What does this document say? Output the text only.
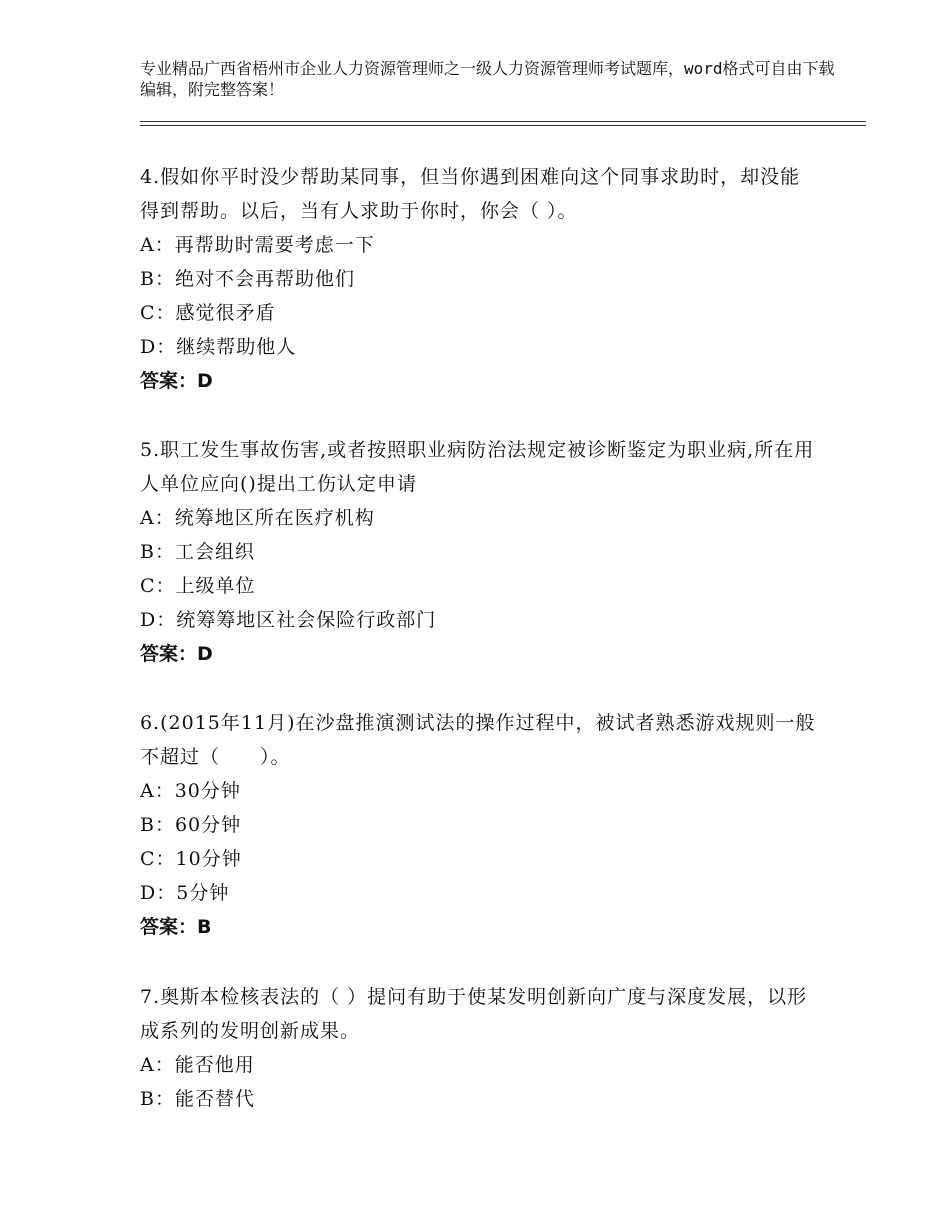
专业精品广西省梧州市企业人力资源管理师之一级人力资源管理师考试题库，word格式可自由下载编辑，附完整答案！

4.假如你平时没少帮助某同事，但当你遇到困难向这个同事求助时，却没能得到帮助。以后，当有人求助于你时，你会（ ）。

A：再帮助时需要考虑一下

B：绝对不会再帮助他们

C：感觉很矛盾

D：继续帮助他人

答案：D

5.职工发生事故伤害,或者按照职业病防治法规定被诊断鉴定为职业病,所在用人单位应向()提出工伤认定申请

A：统筹地区所在医疗机构

B：工会组织

C：上级单位

D：统筹筹地区社会保险行政部门

答案：D

6.(2015年11月)在沙盘推演测试法的操作过程中，被试者熟悉游戏规则一般不超过（　　）。

A：30分钟

B：60分钟

C：10分钟

D：5分钟

答案：B

7.奥斯本检核表法的（ ）提问有助于使某发明创新向广度与深度发展，以形成系列的发明创新成果。

A：能否他用

B：能否替代
